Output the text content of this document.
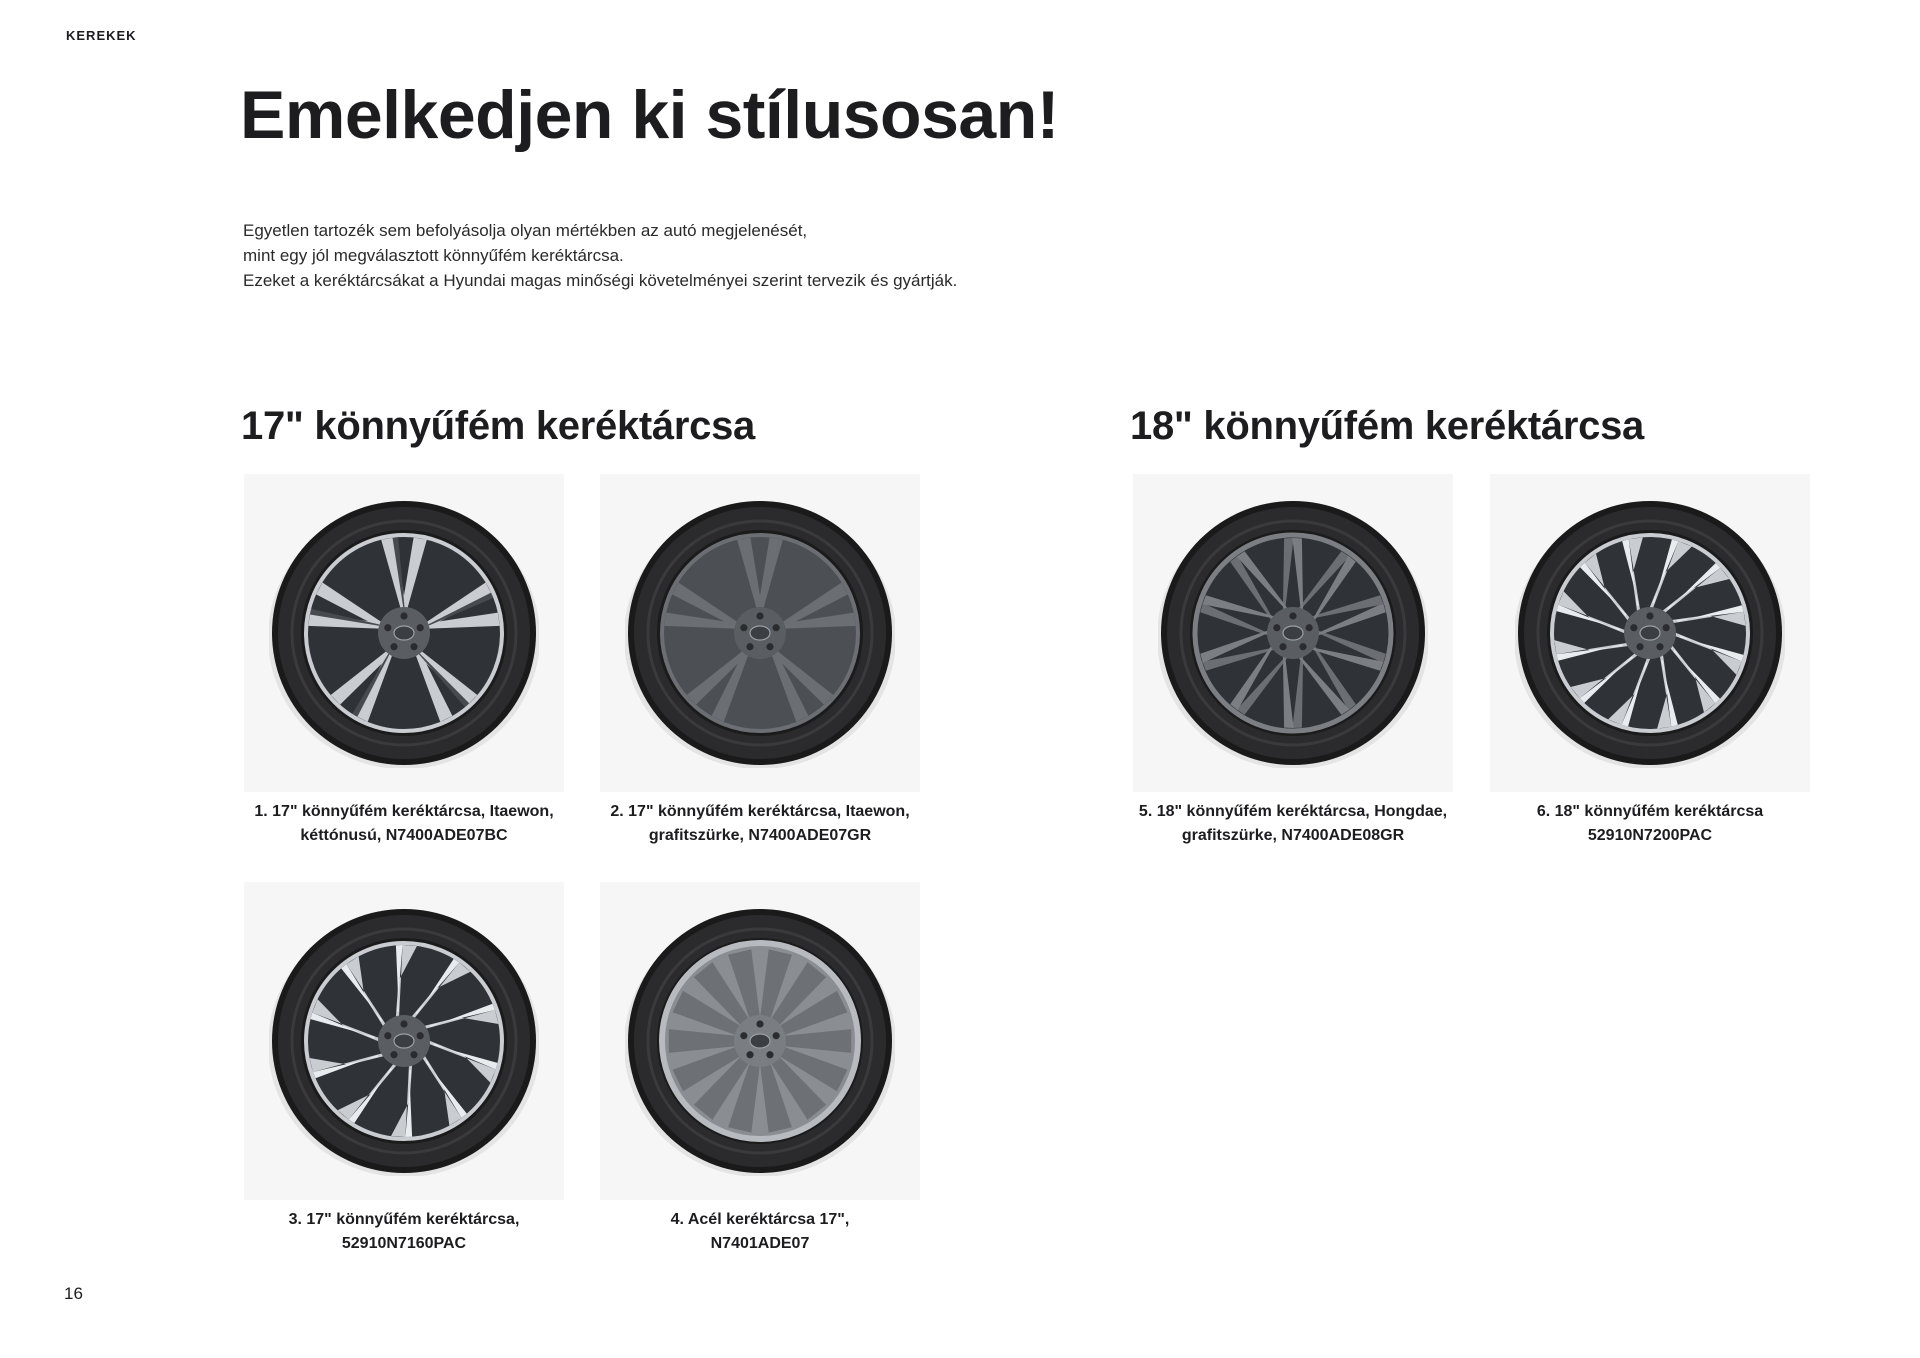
KEREKEK
Emelkedjen ki stílusosan!

Egyetlen tartozék sem befolyásolja olyan mértékben az autó megjelenését,
mint egy jól megválasztott könnyűfém keréktárcsa.
Ezeket a keréktárcsákat a Hyundai magas minőségi követelményei szerint tervezik és gyártják.

17" könnyűfém keréktárcsa	18" könnyűfém keréktárcsa
1. 17" könnyűfém keréktárcsa, Itaewon,
kéttónusú, N7400ADE07BC
2. 17" könnyűfém keréktárcsa, Itaewon,
grafitszürke, N7400ADE07GR
3. 17" könnyűfém keréktárcsa,
52910N7160PAC
4. Acél keréktárcsa 17",
N7401ADE07
5. 18" könnyűfém keréktárcsa, Hongdae,
grafitszürke, N7400ADE08GR
6. 18" könnyűfém keréktárcsa
52910N7200PAC
16
